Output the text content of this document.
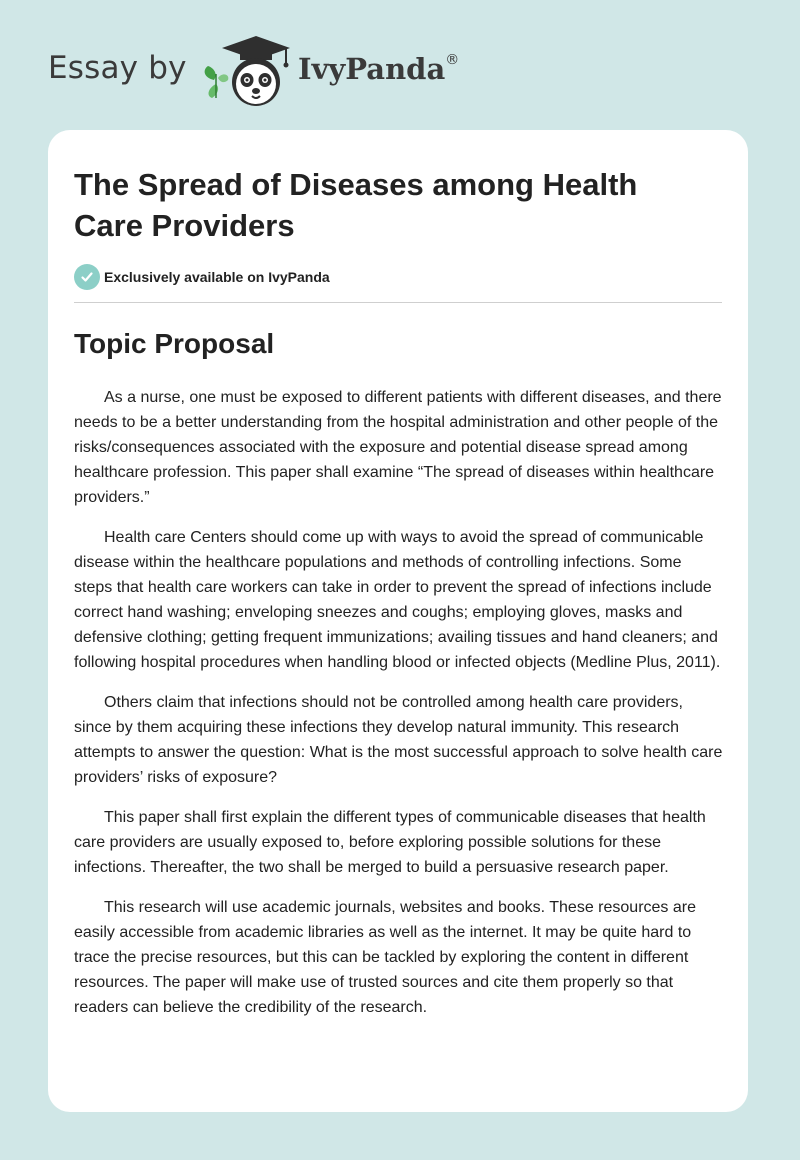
Essay by	IvyPanda®
The Spread of Diseases among Health Care Providers
Exclusively available on IvyPanda
Topic Proposal

As a nurse, one must be exposed to different patients with different diseases, and there needs to be a better understanding from the hospital administration and other people of the risks/consequences associated with the exposure and potential disease spread among healthcare profession. This paper shall examine “The spread of diseases within healthcare providers.”

Health care Centers should come up with ways to avoid the spread of communicable disease within the healthcare populations and methods of controlling infections. Some steps that health care workers can take in order to prevent the spread of infections include correct hand washing; enveloping sneezes and coughs; employing gloves, masks and defensive clothing; getting frequent immunizations; availing tissues and hand cleaners; and following hospital procedures when handling blood or infected objects (Medline Plus, 2011).

Others claim that infections should not be controlled among health care providers, since by them acquiring these infections they develop natural immunity. This research attempts to answer the question: What is the most successful approach to solve health care providers’ risks of exposure?

This paper shall first explain the different types of communicable diseases that health care providers are usually exposed to, before exploring possible solutions for these infections. Thereafter, the two shall be merged to build a persuasive research paper.

This research will use academic journals, websites and books. These resources are easily accessible from academic libraries as well as the internet. It may be quite hard to trace the precise resources, but this can be tackled by exploring the content in different resources. The paper will make use of trusted sources and cite them properly so that readers can believe the credibility of the research.
